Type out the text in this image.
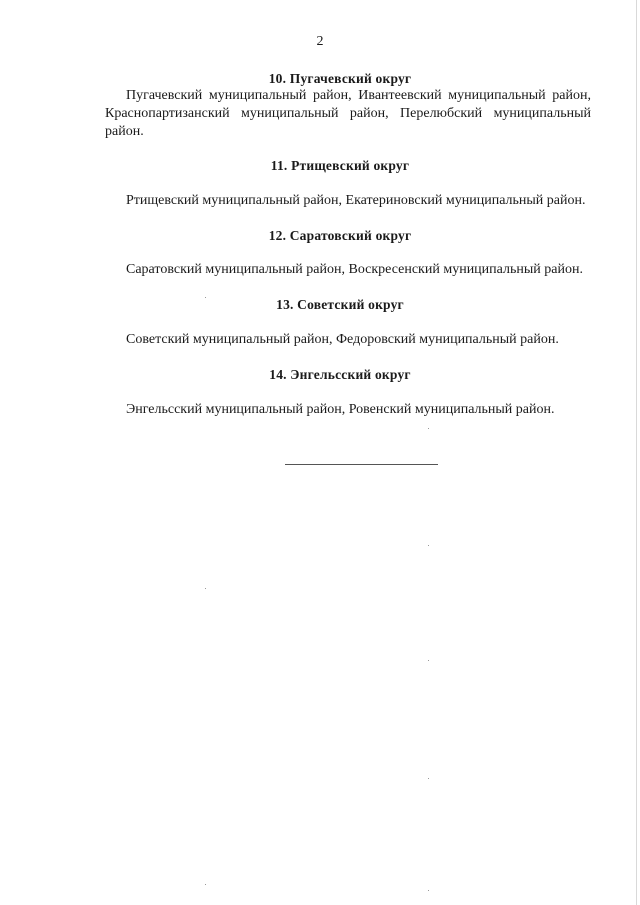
2
10. Пугачевский округ
Пугачевский муниципальный район, Ивантеевский муниципальный район, Краснопартизанский муниципальный район, Перелюбский муниципальный район.
11. Ртищевский округ
Ртищевский муниципальный район, Екатериновский муниципальный район.
12. Саратовский округ
Саратовский муниципальный район, Воскресенский муниципальный район.
13. Советский округ
Советский муниципальный район, Федоровский муниципальный район.
14. Энгельсский округ
Энгельсский муниципальный район, Ровенский муниципальный район.
